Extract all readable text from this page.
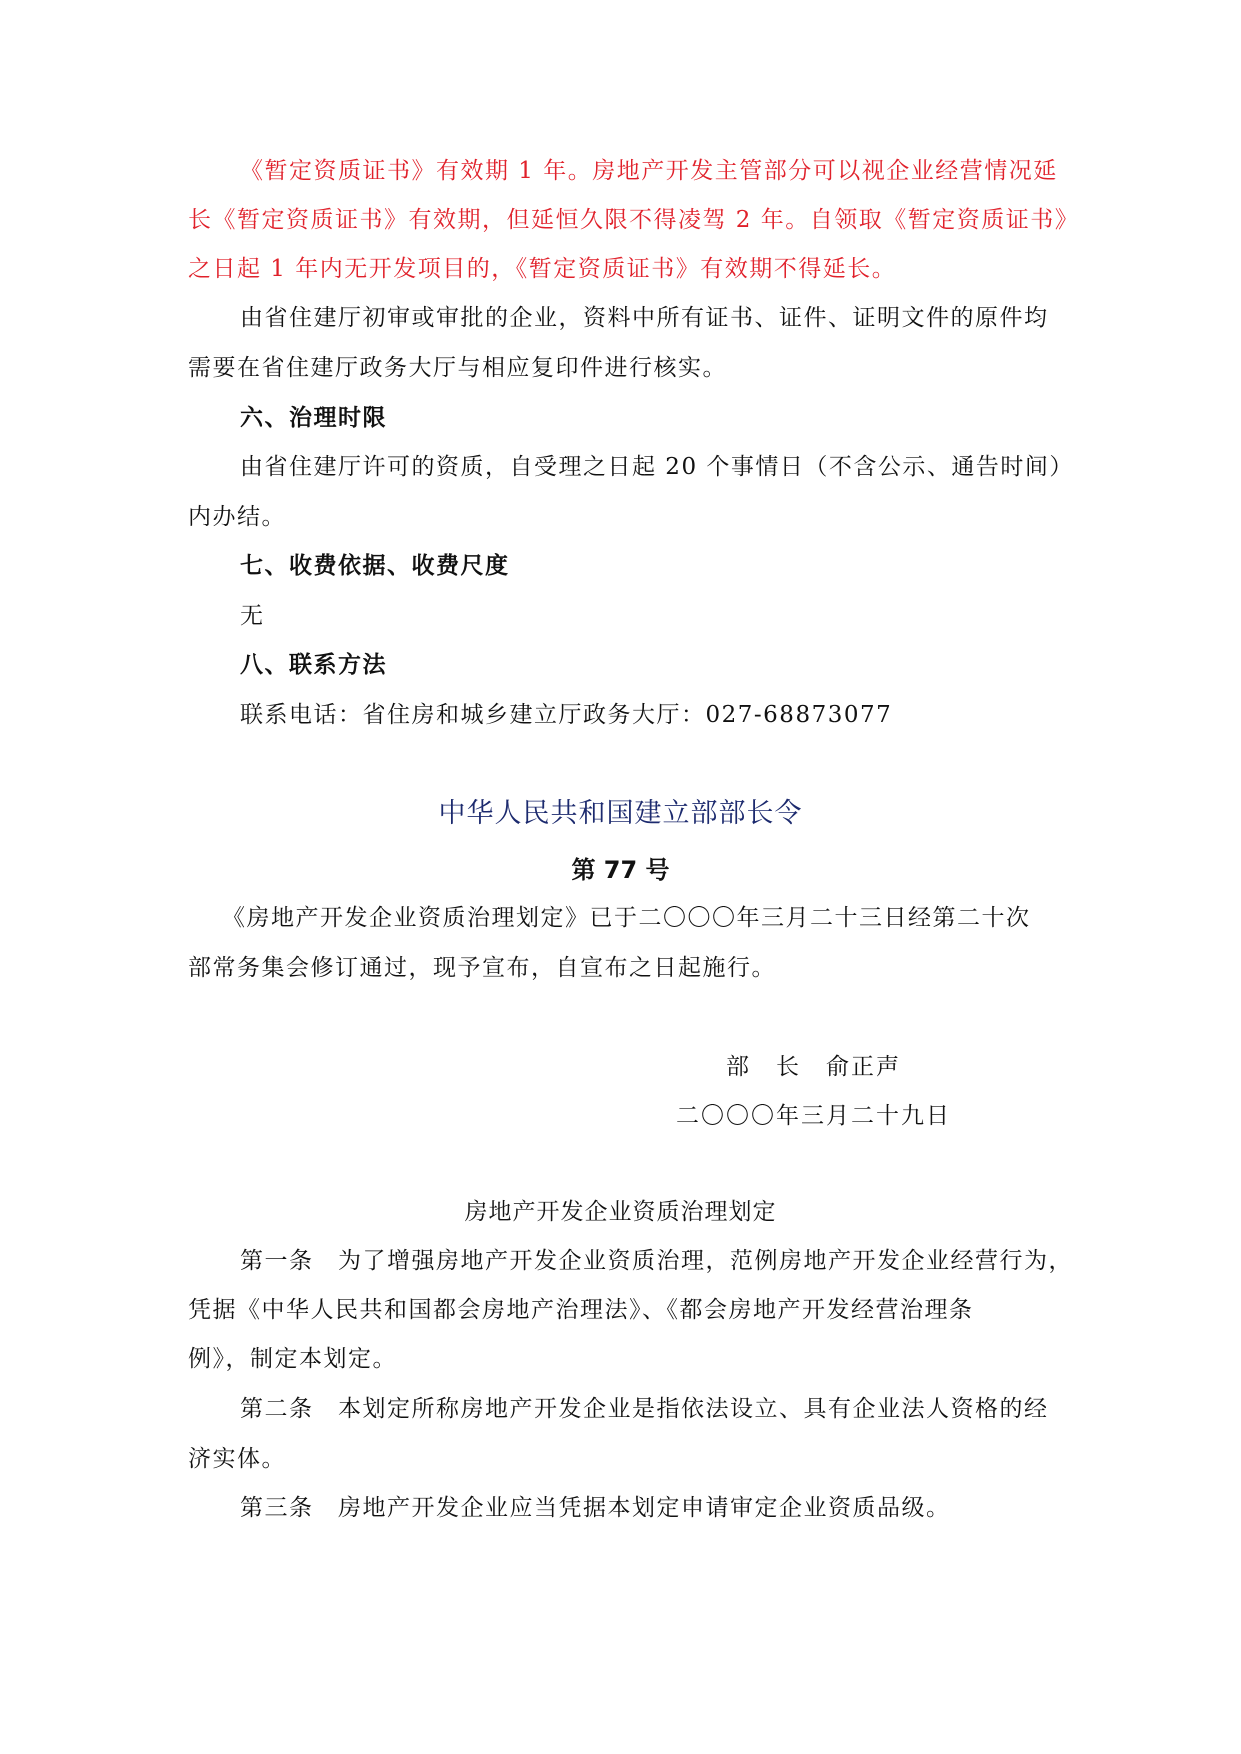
《暂定资质证书》有效期 1 年。房地产开发主管部分可以视企业经营情况延
长《暂定资质证书》有效期，但延恒久限不得凌驾 2 年。自领取《暂定资质证书》
之日起 1 年内无开发项目的，《暂定资质证书》有效期不得延长。
由省住建厅初审或审批的企业，资料中所有证书、证件、证明文件的原件均
需要在省住建厅政务大厅与相应复印件进行核实。
六、治理时限
由省住建厅许可的资质，自受理之日起 20 个事情日（不含公示、通告时间）
内办结。
七、收费依据、收费尺度
无
八、联系方法
联系电话：省住房和城乡建立厅政务大厅：027-68873077
中华人民共和国建立部部长令
第 77 号
《房地产开发企业资质治理划定》已于二〇〇〇年三月二十三日经第二十次
部常务集会修订通过，现予宣布，自宣布之日起施行。
部　长　俞正声
二〇〇〇年三月二十九日
房地产开发企业资质治理划定
第一条　为了增强房地产开发企业资质治理，范例房地产开发企业经营行为，
凭据《中华人民共和国都会房地产治理法》、《都会房地产开发经营治理条
例》，制定本划定。
第二条　本划定所称房地产开发企业是指依法设立、具有企业法人资格的经
济实体。
第三条　房地产开发企业应当凭据本划定申请审定企业资质品级。
